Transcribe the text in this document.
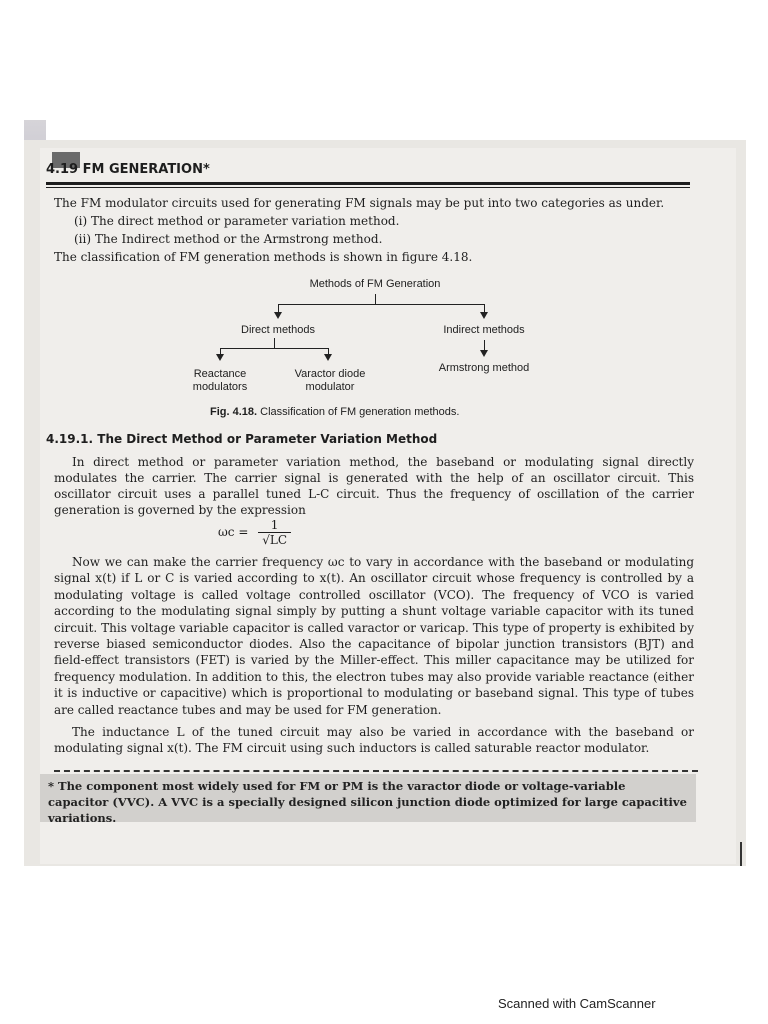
4.19 FM GENERATION*
The FM modulator circuits used for generating FM signals may be put into two categories as under.
(i) The direct method or parameter variation method.
(ii) The Indirect method or the Armstrong method.
The classification of FM generation methods is shown in figure 4.18.
Methods of FM Generation
Direct methods	Indirect methods
Reactance
modulators
Varactor diode
modulator
Armstrong method
Fig. 4.18. Classification of FM generation methods.
4.19.1. The Direct Method or Parameter Variation Method
In direct method or parameter variation method, the baseband or modulating signal directly modulates the carrier. The carrier signal is generated with the help of an oscillator circuit. This oscillator circuit uses a parallel tuned L-C circuit. Thus the frequency of oscillation of the carrier generation is governed by the expression
$\omega c = \frac{1}{√LC}$
Now we can make the carrier frequency ωc to vary in accordance with the baseband or modulating signal x(t) if L or C is varied according to x(t). An oscillator circuit whose frequency is controlled by a modulating voltage is called voltage controlled oscillator (VCO). The frequency of VCO is varied according to the modulating signal simply by putting a shunt voltage variable capacitor with its tuned circuit. This voltage variable capacitor is called varactor or varicap. This type of property is exhibited by reverse biased semiconductor diodes. Also the capacitance of bipolar junction transistors (BJT) and field-effect transistors (FET) is varied by the Miller-effect. This miller capacitance may be utilized for frequency modulation. In addition to this, the electron tubes may also provide variable reactance (either it is inductive or capacitive) which is proportional to modulating or baseband signal. This type of tubes are called reactance tubes and may be used for FM generation.
The inductance L of the tuned circuit may also be varied in accordance with the baseband or modulating signal x(t). The FM circuit using such inductors is called saturable reactor modulator.
* The component most widely used for FM or PM is the varactor diode or voltage-variable capacitor (VVC). A VVC is a specially designed silicon junction diode optimized for large capacitive variations.
Scanned with CamScanner
